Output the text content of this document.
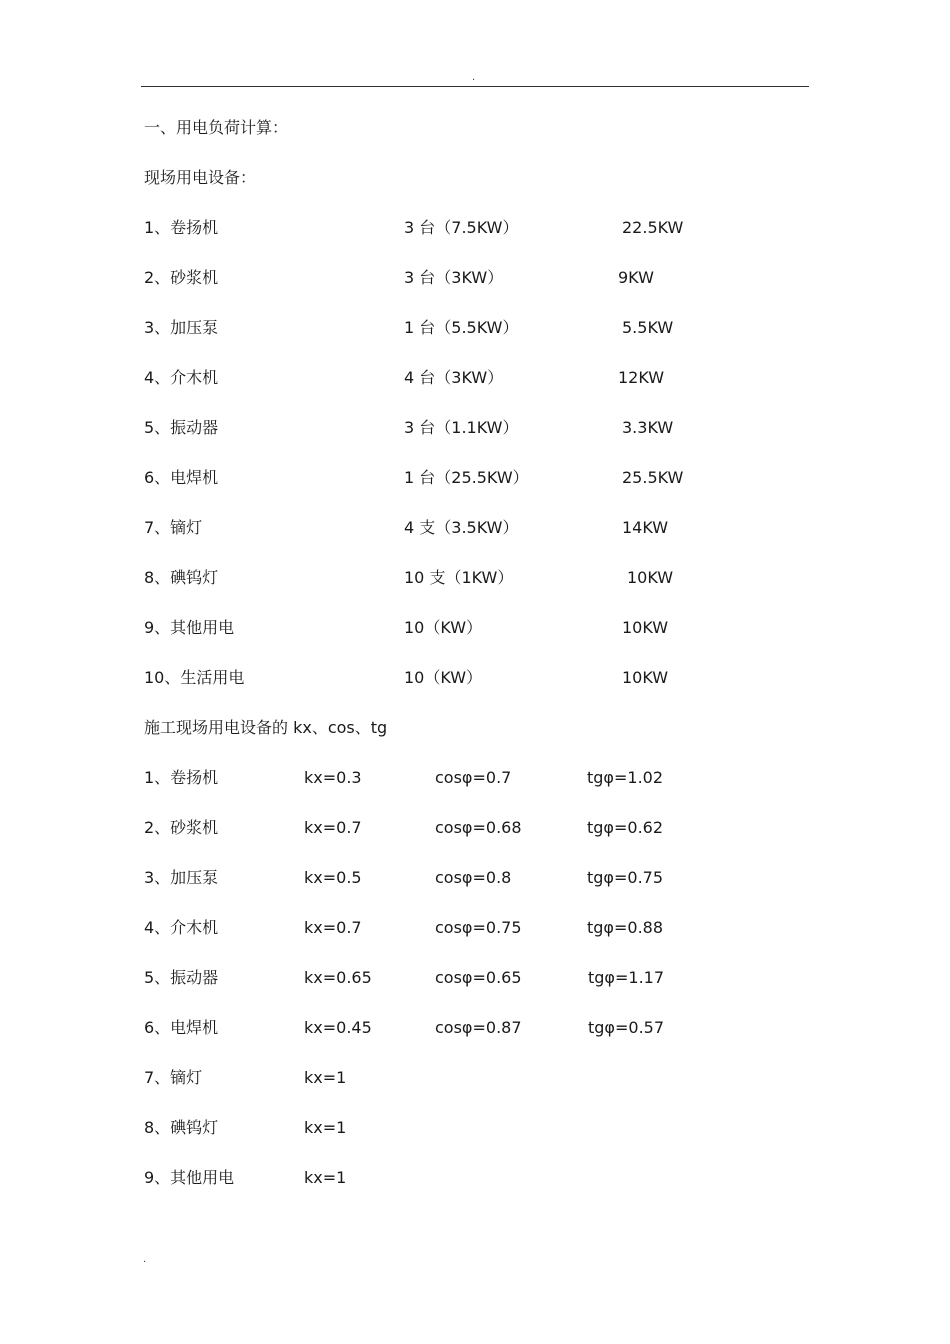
.
一、用电负荷计算：
现场用电设备：
1、卷扬机	3 台（7.5KW）	22.5KW
2、砂浆机	3 台（3KW）	9KW
3、加压泵	1 台（5.5KW）	5.5KW
4、介木机	4 台（3KW）	12KW
5、振动器	3 台（1.1KW）	3.3KW
6、电焊机	1 台（25.5KW）	25.5KW
7、镝灯	4 支（3.5KW）	14KW
8、碘钨灯	10 支（1KW）	10KW
9、其他用电	10（KW）	10KW
10、生活用电	10（KW）	10KW
施工现场用电设备的 kx、cos、tg
1、卷扬机	kx=0.3	cosφ=0.7	tgφ=1.02
2、砂浆机	kx=0.7	cosφ=0.68	tgφ=0.62
3、加压泵	kx=0.5	cosφ=0.8	tgφ=0.75
4、介木机	kx=0.7	cosφ=0.75	tgφ=0.88
5、振动器	kx=0.65	cosφ=0.65	tgφ=1.17
6、电焊机	kx=0.45	cosφ=0.87	tgφ=0.57
7、镝灯	kx=1
8、碘钨灯	kx=1
9、其他用电	kx=1
.
